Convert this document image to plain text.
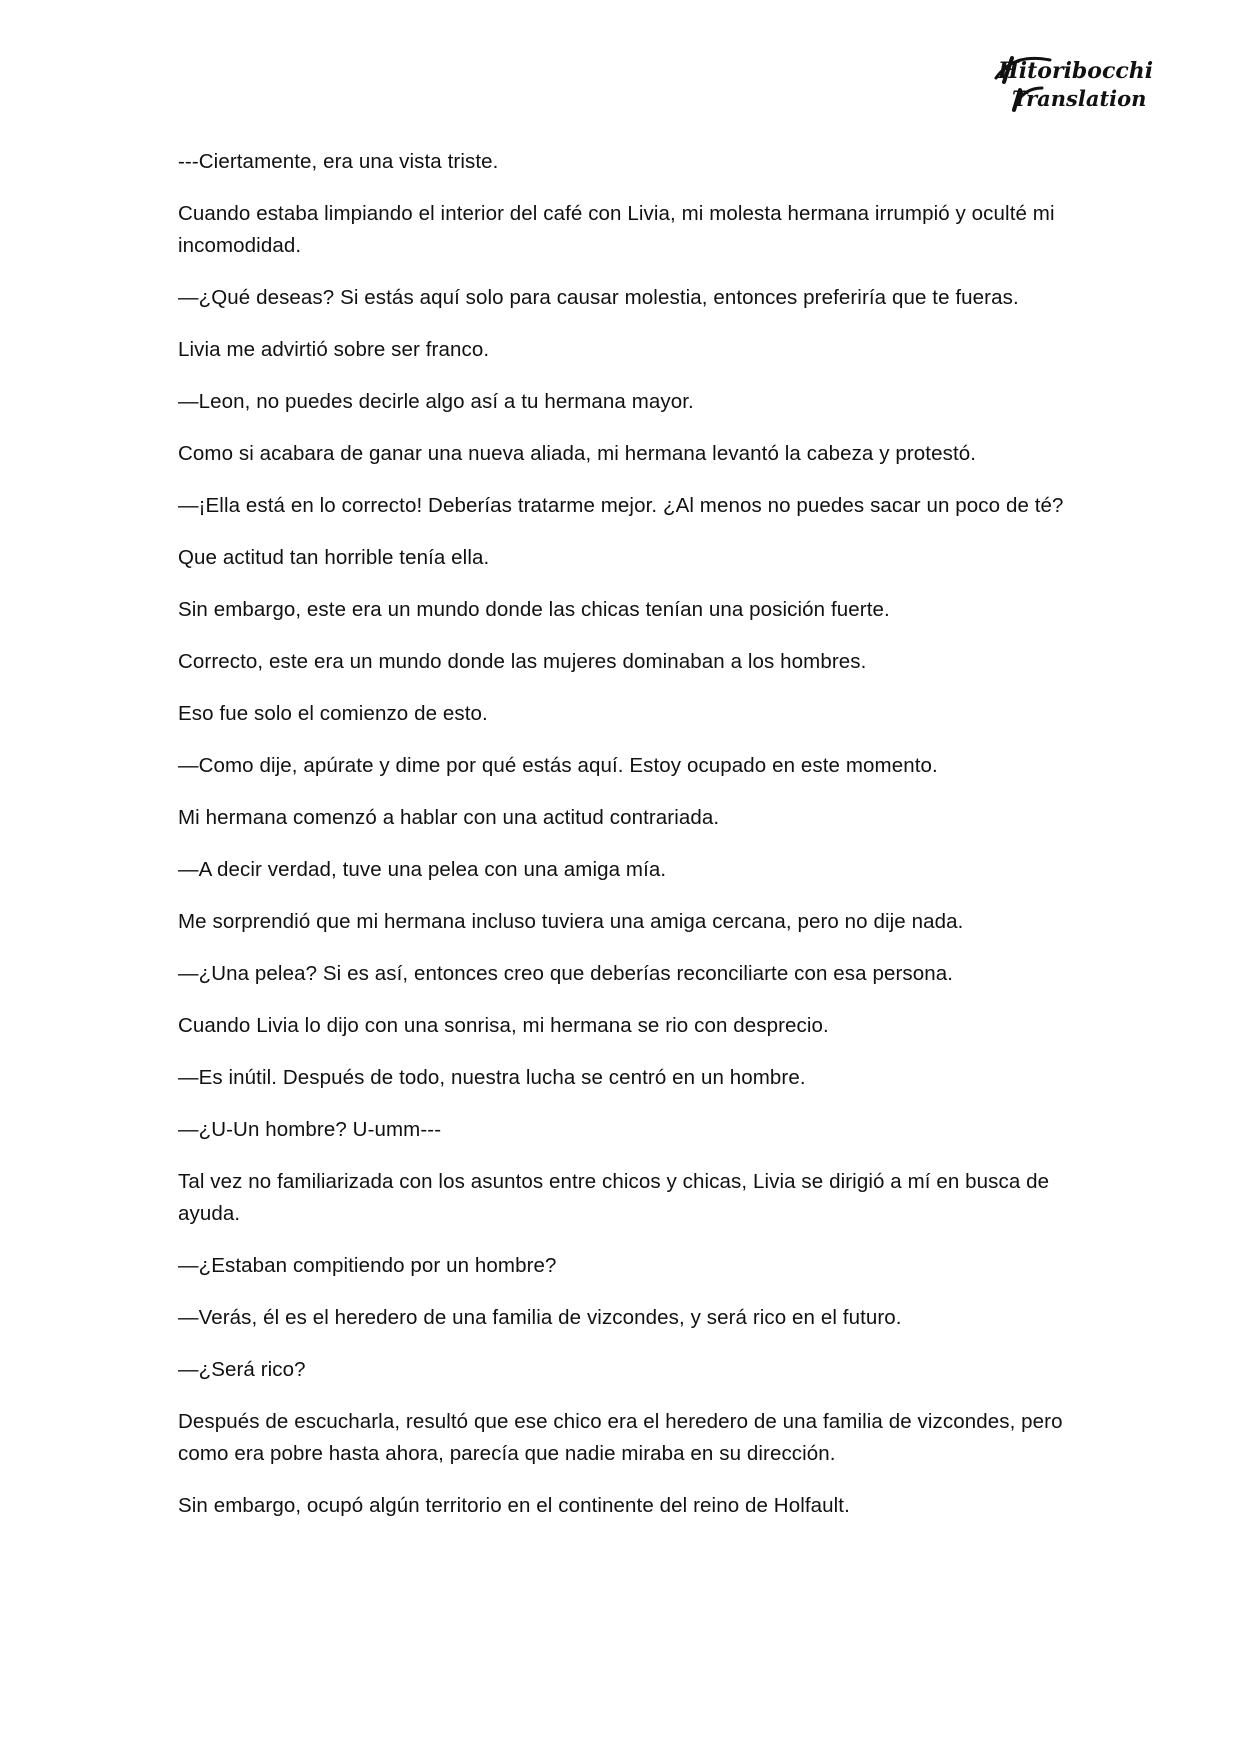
Hitoribocchi
Translation

---Ciertamente, era una vista triste.

Cuando estaba limpiando el interior del café con Livia, mi molesta hermana irrumpió y oculté mi incomodidad.

—¿Qué deseas? Si estás aquí solo para causar molestia, entonces preferiría que te fueras.

Livia me advirtió sobre ser franco.

—Leon, no puedes decirle algo así a tu hermana mayor.

Como si acabara de ganar una nueva aliada, mi hermana levantó la cabeza y protestó.

—¡Ella está en lo correcto! Deberías tratarme mejor. ¿Al menos no puedes sacar un poco de té?

Que actitud tan horrible tenía ella.

Sin embargo, este era un mundo donde las chicas tenían una posición fuerte.

Correcto, este era un mundo donde las mujeres dominaban a los hombres.

Eso fue solo el comienzo de esto.

—Como dije, apúrate y dime por qué estás aquí. Estoy ocupado en este momento.

Mi hermana comenzó a hablar con una actitud contrariada.

—A decir verdad, tuve una pelea con una amiga mía.

Me sorprendió que mi hermana incluso tuviera una amiga cercana, pero no dije nada.

—¿Una pelea? Si es así, entonces creo que deberías reconciliarte con esa persona.

Cuando Livia lo dijo con una sonrisa, mi hermana se rio con desprecio.

—Es inútil. Después de todo, nuestra lucha se centró en un hombre.

—¿U-Un hombre? U-umm---

Tal vez no familiarizada con los asuntos entre chicos y chicas, Livia se dirigió a mí en busca de ayuda.

—¿Estaban compitiendo por un hombre?

—Verás, él es el heredero de una familia de vizcondes, y será rico en el futuro.

—¿Será rico?

Después de escucharla, resultó que ese chico era el heredero de una familia de vizcondes, pero como era pobre hasta ahora, parecía que nadie miraba en su dirección.

Sin embargo, ocupó algún territorio en el continente del reino de Holfault.
